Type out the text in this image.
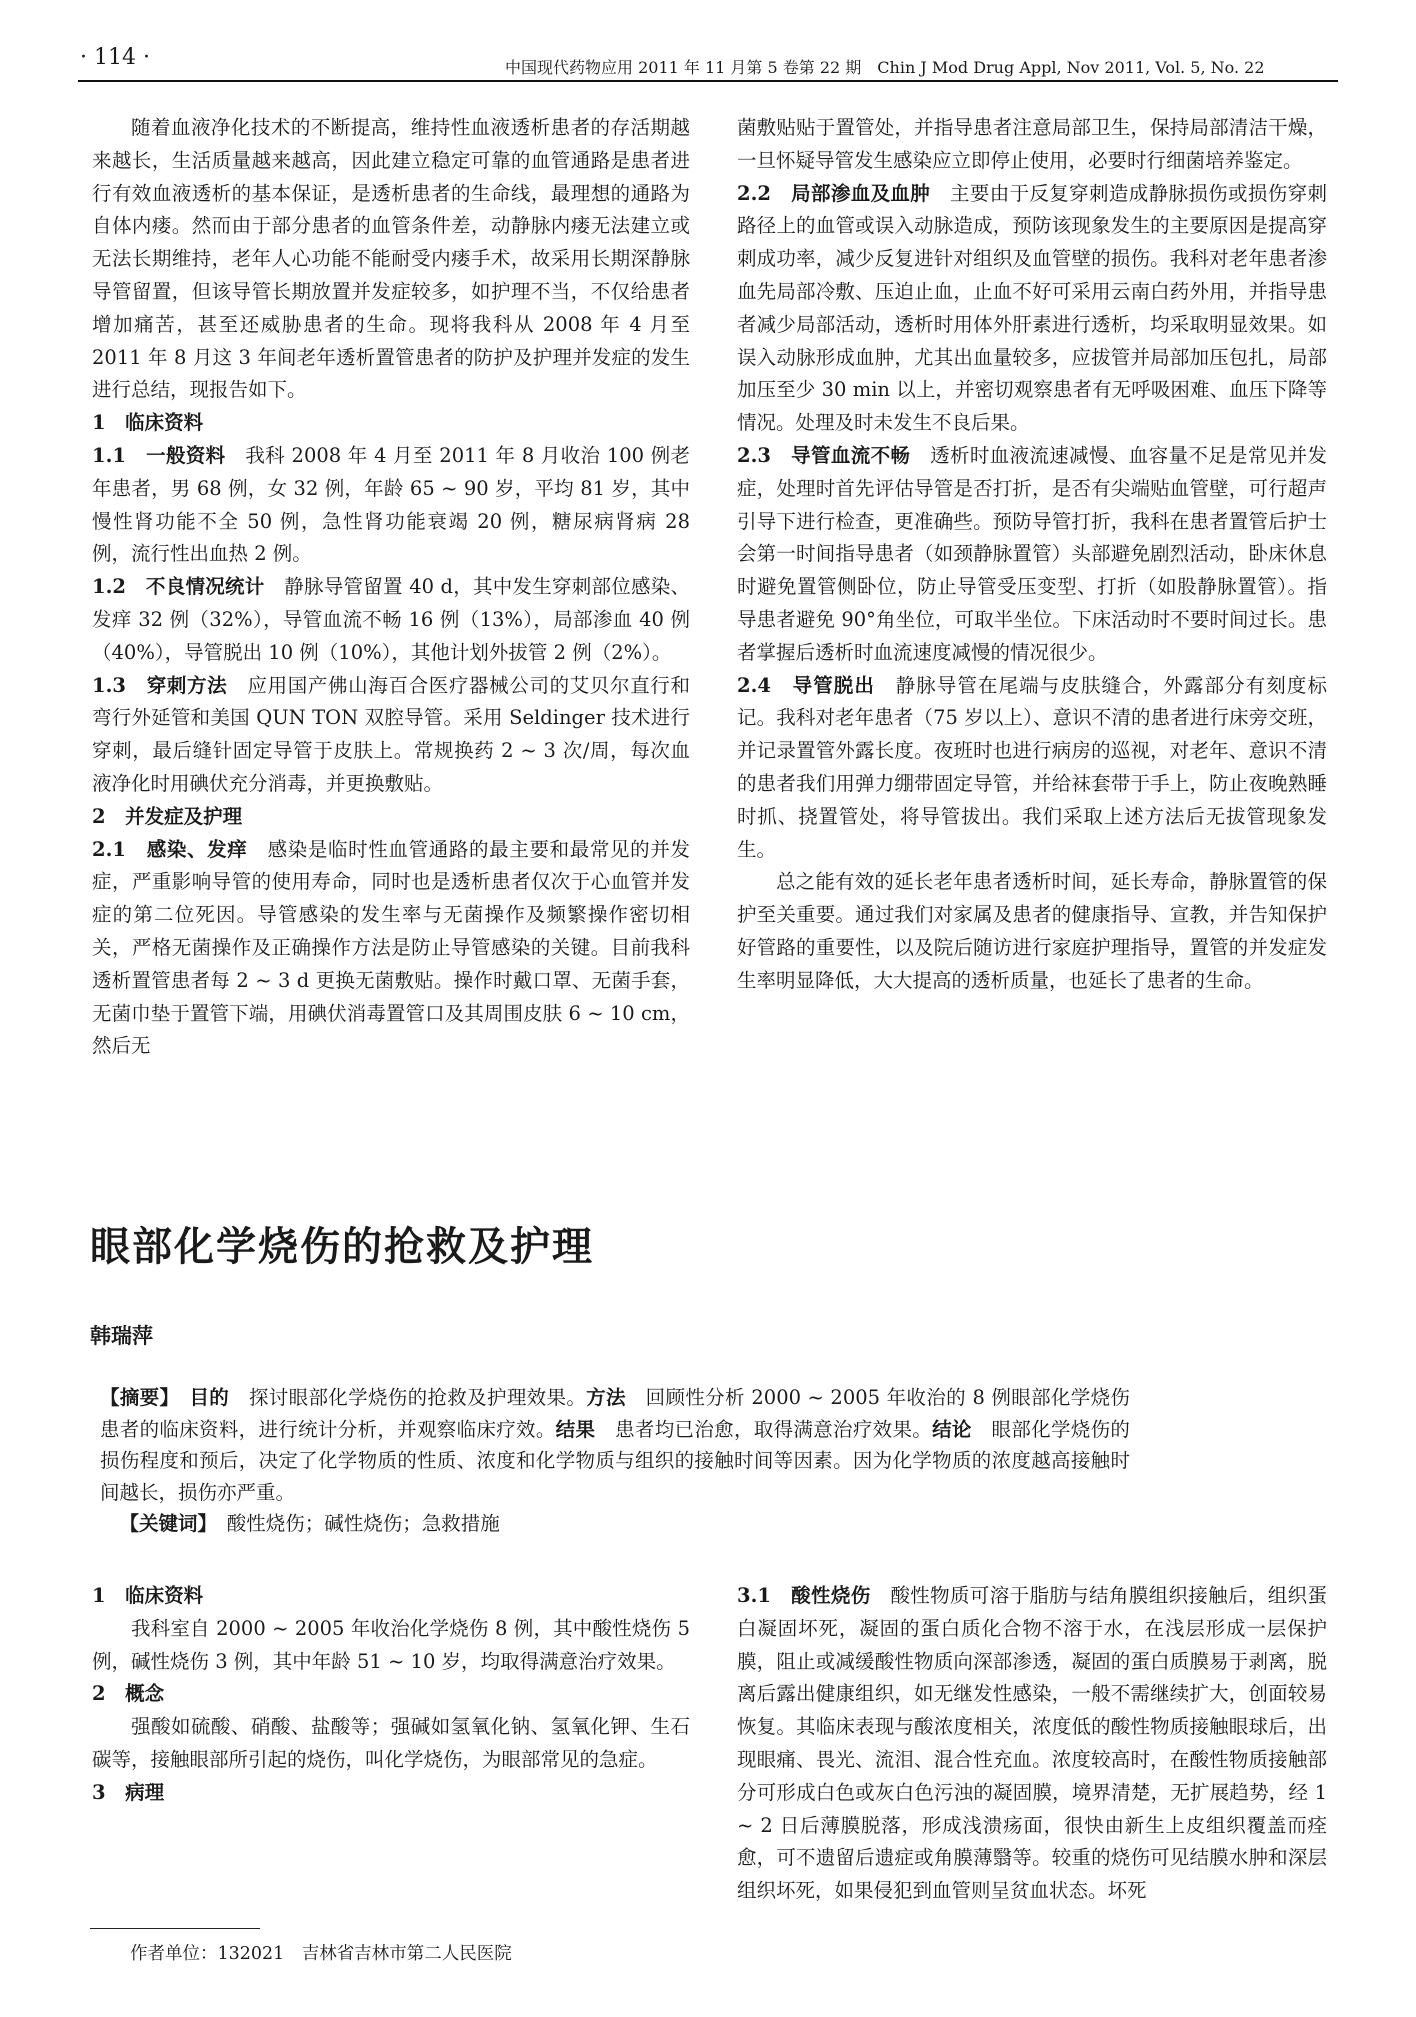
· 114 ·	中国现代药物应用 2011 年 11 月第 5 卷第 22 期　Chin J Mod Drug Appl, Nov 2011, Vol. 5, No. 22

随着血液净化技术的不断提高，维持性血液透析患者的存活期越来越长，生活质量越来越高，因此建立稳定可靠的血管通路是患者进行有效血液透析的基本保证，是透析患者的生命线，最理想的通路为自体内瘘。然而由于部分患者的血管条件差，动静脉内瘘无法建立或无法长期维持，老年人心功能不能耐受内瘘手术，故采用长期深静脉导管留置，但该导管长期放置并发症较多，如护理不当，不仅给患者增加痛苦，甚至还威胁患者的生命。现将我科从 2008 年 4 月至 2011 年 8 月这 3 年间老年透析置管患者的防护及护理并发症的发生进行总结，现报告如下。

1　临床资料

1.1　一般资料　 我科 2008 年 4 月至 2011 年 8 月收治 100 例老年患者，男 68 例，女 32 例，年龄 65 ~ 90 岁，平均 81 岁，其中慢性肾功能不全 50 例，急性肾功能衰竭 20 例，糖尿病肾病 28 例，流行性出血热 2 例。

1.2　不良情况统计　 静脉导管留置 40 d，其中发生穿刺部位感染、发痒 32 例（32%），导管血流不畅 16 例（13%），局部渗血 40 例（40%），导管脱出 10 例（10%），其他计划外拔管 2 例（2%）。

1.3　穿刺方法　 应用国产佛山海百合医疗器械公司的艾贝尔直行和弯行外延管和美国 QUN TON 双腔导管。采用 Seldinger 技术进行穿刺，最后缝针固定导管于皮肤上。常规换药 2 ~ 3 次/周，每次血液净化时用碘伏充分消毒，并更换敷贴。

2　并发症及护理

2.1　感染、发痒　 感染是临时性血管通路的最主要和最常见的并发症，严重影响导管的使用寿命，同时也是透析患者仅次于心血管并发症的第二位死因。导管感染的发生率与无菌操作及频繁操作密切相关，严格无菌操作及正确操作方法是防止导管感染的关键。目前我科透析置管患者每 2 ~ 3 d 更换无菌敷贴。操作时戴口罩、无菌手套，无菌巾垫于置管下端，用碘伏消毒置管口及其周围皮肤 6 ~ 10 cm，然后无

菌敷贴贴于置管处，并指导患者注意局部卫生，保持局部清洁干燥，一旦怀疑导管发生感染应立即停止使用，必要时行细菌培养鉴定。

2.2　局部渗血及血肿　 主要由于反复穿刺造成静脉损伤或损伤穿刺路径上的血管或误入动脉造成，预防该现象发生的主要原因是提高穿刺成功率，减少反复进针对组织及血管壁的损伤。我科对老年患者渗血先局部冷敷、压迫止血，止血不好可采用云南白药外用，并指导患者减少局部活动，透析时用体外肝素进行透析，均采取明显效果。如误入动脉形成血肿，尤其出血量较多，应拔管并局部加压包扎，局部加压至少 30 min 以上，并密切观察患者有无呼吸困难、血压下降等情况。处理及时未发生不良后果。

2.3　导管血流不畅　 透析时血液流速减慢、血容量不足是常见并发症，处理时首先评估导管是否打折，是否有尖端贴血管壁，可行超声引导下进行检查，更准确些。预防导管打折，我科在患者置管后护士会第一时间指导患者（如颈静脉置管）头部避免剧烈活动，卧床休息时避免置管侧卧位，防止导管受压变型、打折（如股静脉置管）。指导患者避免 90°角坐位，可取半坐位。下床活动时不要时间过长。患者掌握后透析时血流速度减慢的情况很少。

2.4　导管脱出　 静脉导管在尾端与皮肤缝合，外露部分有刻度标记。我科对老年患者（75 岁以上）、意识不清的患者进行床旁交班，并记录置管外露长度。夜班时也进行病房的巡视，对老年、意识不清的患者我们用弹力绷带固定导管，并给袜套带于手上，防止夜晚熟睡时抓、挠置管处，将导管拔出。我们采取上述方法后无拔管现象发生。

总之能有效的延长老年患者透析时间，延长寿命，静脉置管的保护至关重要。通过我们对家属及患者的健康指导、宣教，并告知保护好管路的重要性，以及院后随访进行家庭护理指导，置管的并发症发生率明显降低，大大提高的透析质量，也延长了患者的生命。

眼部化学烧伤的抢救及护理
韩瑞萍

【摘要】　 目的　 探讨眼部化学烧伤的抢救及护理效果。方法　 回顾性分析 2000 ~ 2005 年收治的 8 例眼部化学烧伤患者的临床资料，进行统计分析，并观察临床疗效。结果　 患者均已治愈，取得满意治疗效果。结论　 眼部化学烧伤的损伤程度和预后，决定了化学物质的性质、浓度和化学物质与组织的接触时间等因素。因为化学物质的浓度越高接触时间越长，损伤亦严重。

【关键词】　 酸性烧伤；碱性烧伤；急救措施

1　临床资料

我科室自 2000 ~ 2005 年收治化学烧伤 8 例，其中酸性烧伤 5 例，碱性烧伤 3 例，其中年龄 51 ~ 10 岁，均取得满意治疗效果。

2　概念

强酸如硫酸、硝酸、盐酸等；强碱如氢氧化钠、氢氧化钾、生石碳等，接触眼部所引起的烧伤，叫化学烧伤，为眼部常见的急症。

3　病理

3.1　酸性烧伤　 酸性物质可溶于脂肪与结角膜组织接触后，组织蛋白凝固坏死，凝固的蛋白质化合物不溶于水，在浅层形成一层保护膜，阻止或减缓酸性物质向深部渗透，凝固的蛋白质膜易于剥离，脱离后露出健康组织，如无继发性感染，一般不需继续扩大，创面较易恢复。其临床表现与酸浓度相关，浓度低的酸性物质接触眼球后，出现眼痛、畏光、流泪、混合性充血。浓度较高时，在酸性物质接触部分可形成白色或灰白色污浊的凝固膜，境界清楚，无扩展趋势，经 1 ~ 2 日后薄膜脱落，形成浅溃疡面，很快由新生上皮组织覆盖而痊愈，可不遗留后遗症或角膜薄翳等。较重的烧伤可见结膜水肿和深层组织坏死，如果侵犯到血管则呈贫血状态。坏死

作者单位：132021　吉林省吉林市第二人民医院
